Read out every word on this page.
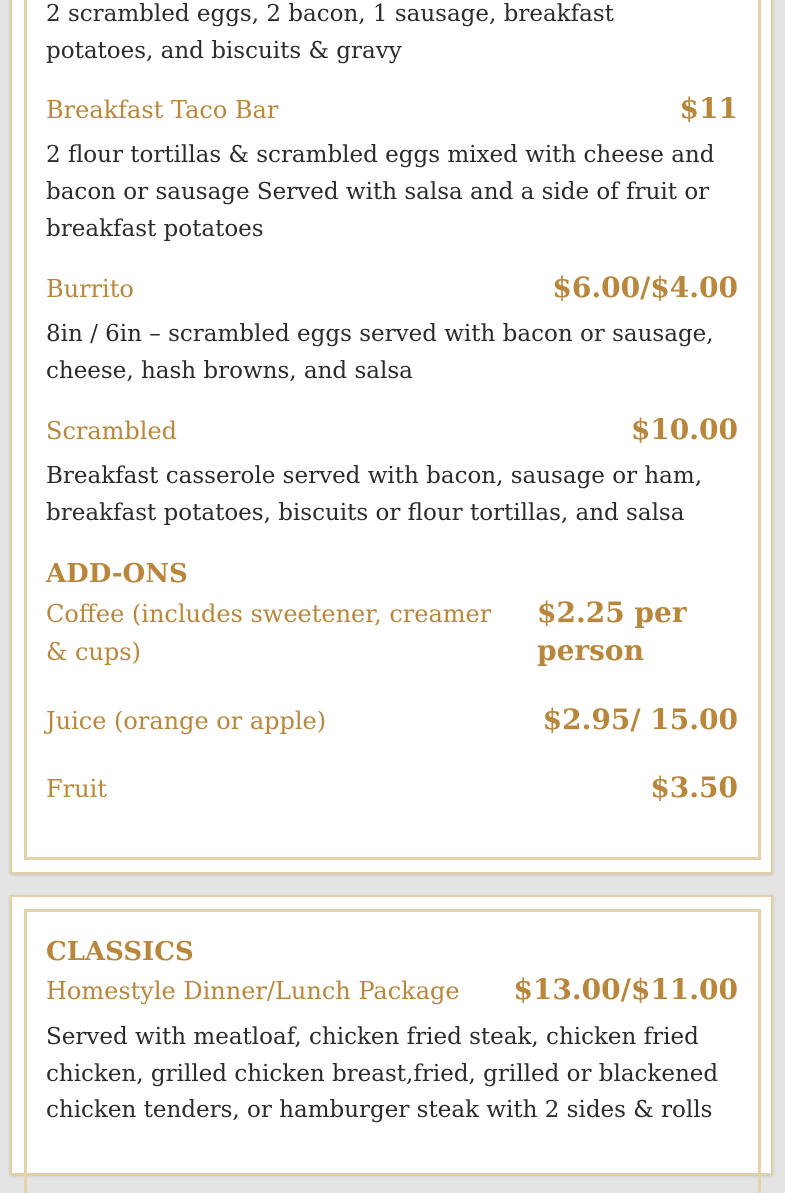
2 scrambled eggs, 2 bacon, 1 sausage, breakfast potatoes, and biscuits & gravy

Breakfast Taco Bar	$11

2 flour tortillas & scrambled eggs mixed with cheese and bacon or sausage Served with salsa and a side of fruit or breakfast potatoes

Burrito	$6.00/$4.00

8in / 6in – scrambled eggs served with bacon or sausage, cheese, hash browns, and salsa

Scrambled	$10.00

Breakfast casserole served with bacon, sausage or ham, breakfast potatoes, biscuits or flour tortillas, and salsa

ADD-ONS

Coffee (includes sweetener, creamer & cups)

$2.25 per person

Juice (orange or apple)	$2.95/ 15.00

Fruit	$3.50

CLASSICS

Homestyle Dinner/Lunch Package $13.00/$11.00

Served with meatloaf, chicken fried steak, chicken fried chicken, grilled chicken breast,fried, grilled or blackened chicken tenders, or hamburger steak with 2 sides & rolls
